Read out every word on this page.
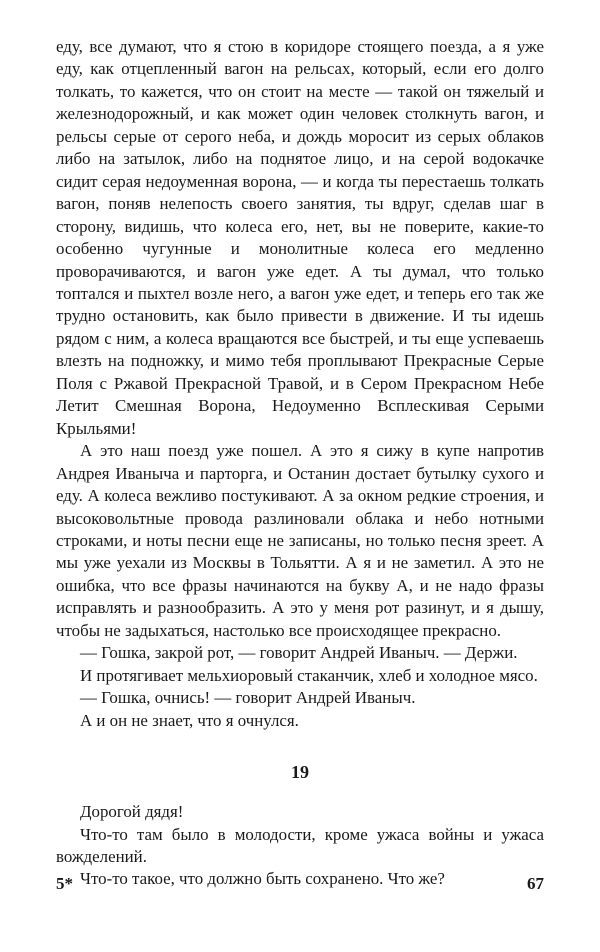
еду, все думают, что я стою в коридоре стоящего поезда, а я уже еду, как отцепленный вагон на рельсах, который, если его долго толкать, то кажется, что он стоит на месте — такой он тяжелый и железнодорожный, и как может один человек столкнуть вагон, и рельсы серые от серого неба, и дождь моросит из серых облаков либо на затылок, либо на поднятое лицо, и на серой водокачке сидит серая недоуменная ворона, — и когда ты перестаешь толкать вагон, поняв нелепость своего занятия, ты вдруг, сделав шаг в сторону, видишь, что колеса его, нет, вы не поверите, какие-то особенно чугунные и монолитные колеса его медленно проворачиваются, и вагон уже едет. А ты думал, что только топтался и пыхтел возле него, а вагон уже едет, и теперь его так же трудно остановить, как было привести в движение. И ты идешь рядом с ним, а колеса вращаются все быстрей, и ты еще успеваешь влезть на подножку, и мимо тебя проплывают Прекрасные Серые Поля с Ржавой Прекрасной Травой, и в Сером Прекрасном Небе Летит Смешная Ворона, Недоуменно Всплескивая Серыми Крыльями!

А это наш поезд уже пошел. А это я сижу в купе напротив Андрея Иваныча и парторга, и Останин достает бутылку сухого и еду. А колеса вежливо постукивают. А за окном редкие строения, и высоковольтные провода разлиновали облака и небо нотными строками, и ноты песни еще не записаны, но только песня зреет. А мы уже уехали из Москвы в Тольятти. А я и не заметил. А это не ошибка, что все фразы начинаются на букву А, и не надо фразы исправлять и разнообразить. А это у меня рот разинут, и я дышу, чтобы не задыхаться, настолько все происходящее прекрасно.

— Гошка, закрой рот, — говорит Андрей Иваныч. — Держи.

И протягивает мельхиоровый стаканчик, хлеб и холодное мясо.

— Гошка, очнись! — говорит Андрей Иваныч.

А и он не знает, что я очнулся.

19

Дорогой дядя!

Что-то там было в молодости, кроме ужаса войны и ужаса вожделений.

Что-то такое, что должно быть сохранено. Что же?

5*	67
